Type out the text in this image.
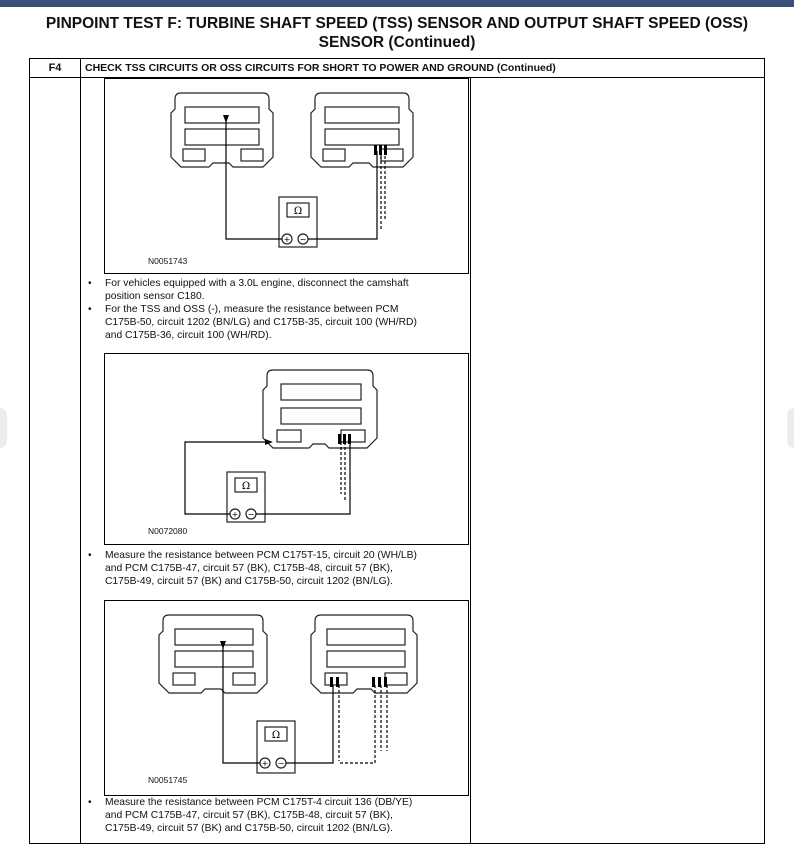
PINPOINT TEST F: TURBINE SHAFT SPEED (TSS) SENSOR AND OUTPUT SHAFT SPEED (OSS)
SENSOR (Continued)
F4	CHECK TSS CIRCUITS OR OSS CIRCUITS FOR SHORT TO POWER AND GROUND (Continued)
Ω
+ −
N0051743
• For vehicles equipped with a 3.0L engine, disconnect the camshaft
position sensor C180.
• For the TSS and OSS (-), measure the resistance between PCM
C175B-50, circuit 1202 (BN/LG) and C175B-35, circuit 100 (WH/RD)
and C175B-36, circuit 100 (WH/RD).
Ω
+ −
N0072080
• Measure the resistance between PCM C175T-15, circuit 20 (WH/LB)
and PCM C175B-47, circuit 57 (BK), C175B-48, circuit 57 (BK),
C175B-49, circuit 57 (BK) and C175B-50, circuit 1202 (BN/LG).
Ω
+ −
N0051745
• Measure the resistance between PCM C175T-4 circuit 136 (DB/YE)
and PCM C175B-47, circuit 57 (BK), C175B-48, circuit 57 (BK),
C175B-49, circuit 57 (BK) and C175B-50, circuit 1202 (BN/LG).
